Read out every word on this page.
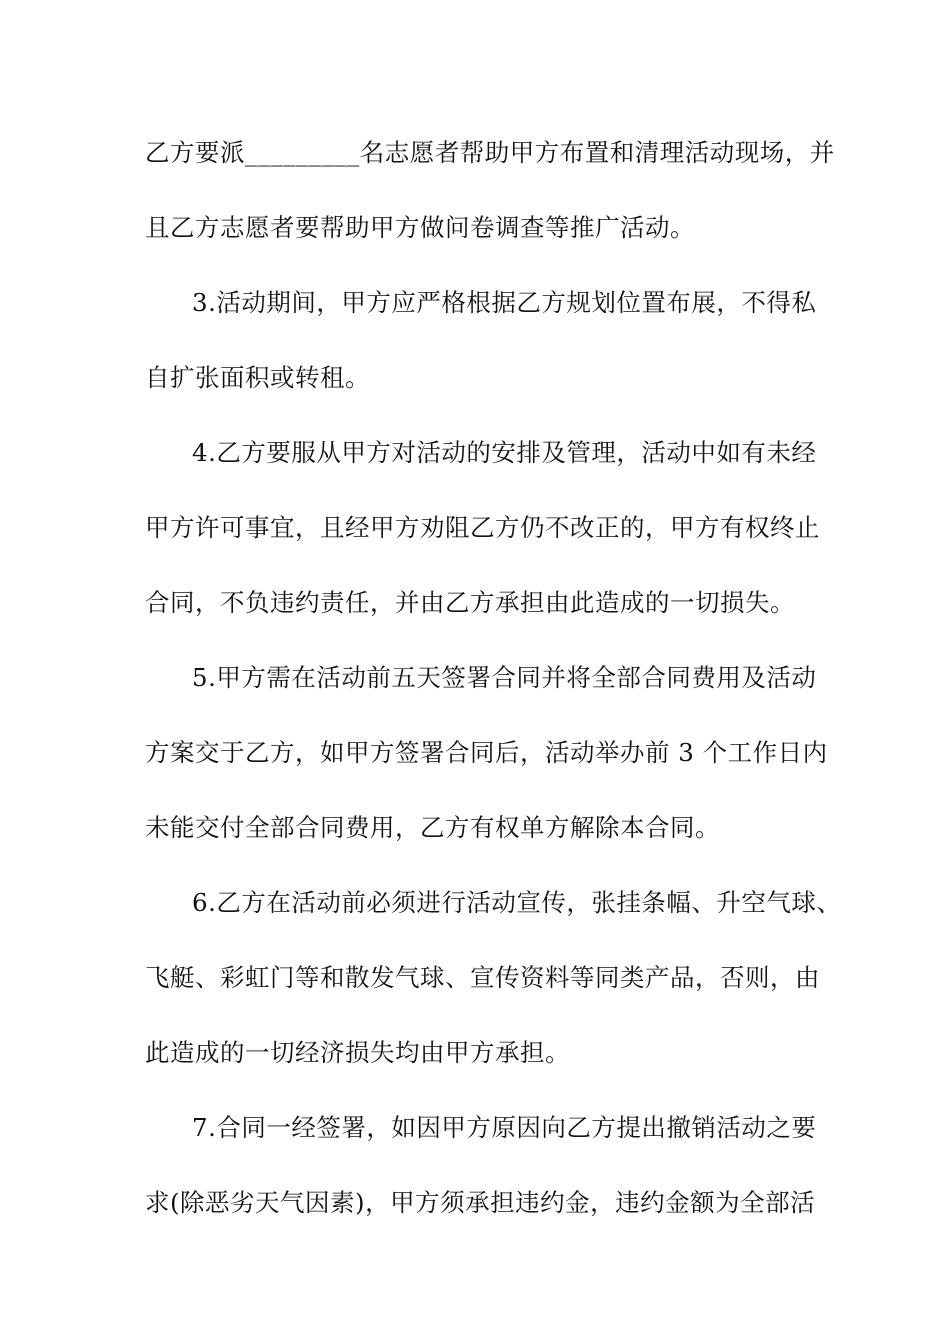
乙方要派_________名志愿者帮助甲方布置和清理活动现场，并
且乙方志愿者要帮助甲方做问卷调查等推广活动。
3.活动期间，甲方应严格根据乙方规划位置布展，不得私
自扩张面积或转租。
4.乙方要服从甲方对活动的安排及管理，活动中如有未经
甲方许可事宜，且经甲方劝阻乙方仍不改正的，甲方有权终止
合同，不负违约责任，并由乙方承担由此造成的一切损失。
5.甲方需在活动前五天签署合同并将全部合同费用及活动
方案交于乙方，如甲方签署合同后，活动举办前 3 个工作日内
未能交付全部合同费用，乙方有权单方解除本合同。
6.乙方在活动前必须进行活动宣传，张挂条幅、升空气球、
飞艇、彩虹门等和散发气球、宣传资料等同类产品，否则，由
此造成的一切经济损失均由甲方承担。
7.合同一经签署，如因甲方原因向乙方提出撤销活动之要
求(除恶劣天气因素)，甲方须承担违约金，违约金额为全部活
